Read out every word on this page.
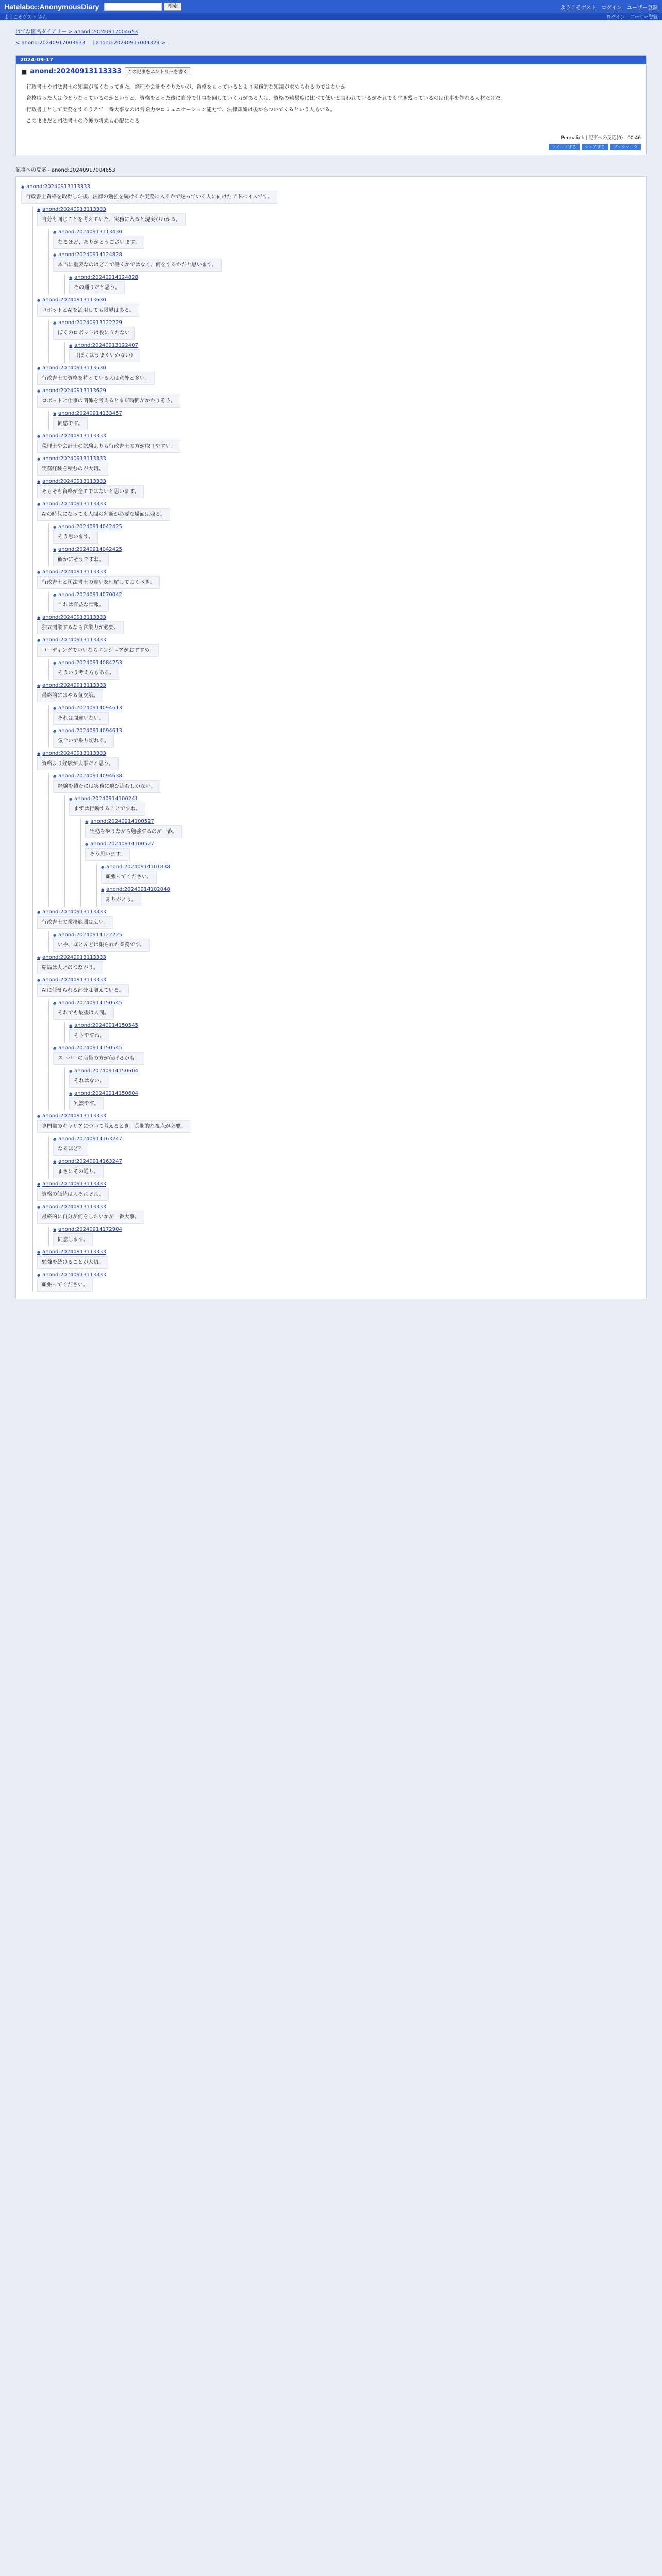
Hatelabo::AnonymousDiary	検索	ようこそゲスト ログイン ユーザー登録
ようこそゲスト さん	ログイン ユーザー登録
はてな匿名ダイアリー > anond:20240917004653
< anond:20240917003633 | anond:20240917004329 >
2024-09-17
■ anond:20240913113333	この記事をエントリーを書く

行政書士や司法書士の知識が高くなってきた。経理や会計をやりたいが、資格をもっているとより実務的な知識が求められるのではないか

資格取った人は今どうなっているのかというと、資格をとった後に自分で仕事を回していく力がある人は、資格の難易度に比べて低いと言われているがそれでも生き残っているのは仕事を作れる人材だけだ。

行政書士として実務をするうえで一番大事なのは営業力やコミュニケーション能力で、法律知識は後からついてくるという人もいる。

このままだと司法書士の今後の将来も心配になる。

Permalink | 記事への反応(0) | 00:46
ツイートする	シェアする	ブックマーク
記事への反応 - anond:20240917004653
● anond:20240913113333
行政書士資格を取得した後、法律の勉強を続けるか実務に入るかで迷っている人に向けたアドバイスです。
● anond:20240913113333
自分も同じことを考えていた。実務に入ると現実がわかる。
● anond:20240913113430
なるほど、ありがとうございます。
● anond:20240914124828
本当に重要なのはどこで働くかではなく、何をするかだと思います。
● anond:20240914124828
その通りだと思う。
● anond:20240913113630
ロボットとAIを活用しても限界はある。
● anond:20240913122229
ぼくのロボットは役に立たない
● anond:20240913122407
（ぼくはうまくいかない）
● anond:20240913113530
行政書士の資格を持っている人は意外と多い。
● anond:20240913113629
ロボットと仕事の関係を考えるとまだ時間がかかりそう。
● anond:20240914133457
同感です。
● anond:20240913113333
税理士や会計士の試験よりも行政書士の方が取りやすい。
● anond:20240913113333
実務経験を積むのが大切。
● anond:20240913113333
そもそも資格が全てではないと思います。
● anond:20240913113333
AIの時代になっても人間の判断が必要な場面は残る。
● anond:20240914042425
そう思います。
● anond:20240914042425
確かにそうですね。
● anond:20240913113333
行政書士と司法書士の違いを理解しておくべき。
● anond:20240914070042
これは有益な情報。
● anond:20240913113333
独立開業するなら営業力が必要。
● anond:20240913113333
コーディングでいいならエンジニアがおすすめ。
● anond:20240914084253
そういう考え方もある。
● anond:20240913113333
最終的にはやる気次第。
● anond:20240914094613
それは間違いない。
● anond:20240914094613
気合いで乗り切れる。
● anond:20240913113333
資格より経験が大事だと思う。
● anond:20240914094638
経験を積むには実務に飛び込むしかない。
● anond:20240914100241
まずは行動することですね。
● anond:20240914100527
実務をやりながら勉強するのが一番。
● anond:20240914100527
そう思います。
● anond:20240914101838
頑張ってください。
● anond:20240914102048
ありがとう。
● anond:20240913113333
行政書士の業務範囲は広い。
● anond:20240914122225
いや、ほとんどは限られた業務です。
● anond:20240913113333
結局は人とのつながり。
● anond:20240913113333
AIに任せられる部分は増えている。
● anond:20240914150545
それでも最後は人間。
● anond:20240914150545
そうですね。
● anond:20240914150545
スーパーの店員の方が稼げるかも。
● anond:20240914150604
それはない。
● anond:20240914150604
冗談です。
● anond:20240913113333
専門職のキャリアについて考えるとき、長期的な視点が必要。
● anond:20240914163247
なるほど？
● anond:20240914163247
まさにその通り。
● anond:20240913113333
資格の価値は人それぞれ。
● anond:20240913113333
最終的に自分が何をしたいかが一番大事。
● anond:20240914172904
同意します。
● anond:20240913113333
勉強を続けることが大切。
● anond:20240913113333
頑張ってください。
